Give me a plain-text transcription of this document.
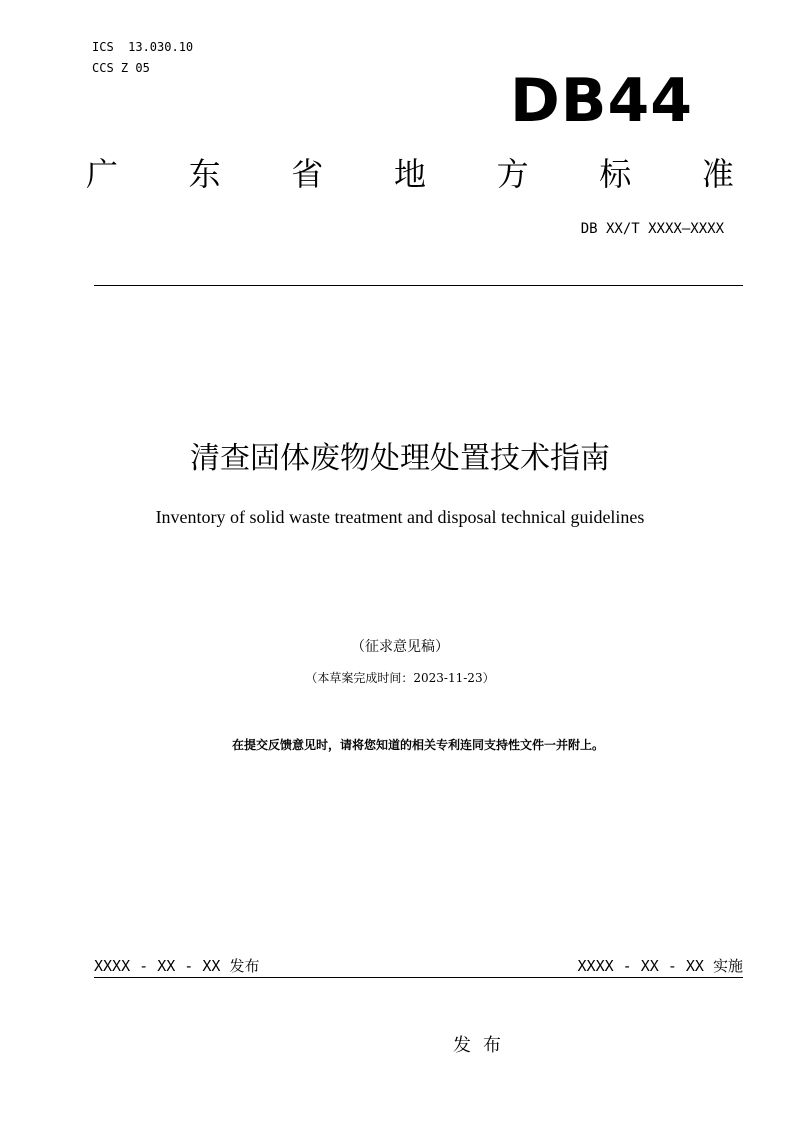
ICS  13.030.10
CCS Z 05	DB44
广 东 省 地 方 标 准
DB XX/T XXXX—XXXX
清查固体废物处理处置技术指南
Inventory of solid waste treatment and disposal technical guidelines
（征求意见稿）
（本草案完成时间：2023-11-23）
在提交反馈意见时，请将您知道的相关专利连同支持性文件一并附上。
XXXX - XX - XX 发布	XXXX - XX - XX 实施
发布
